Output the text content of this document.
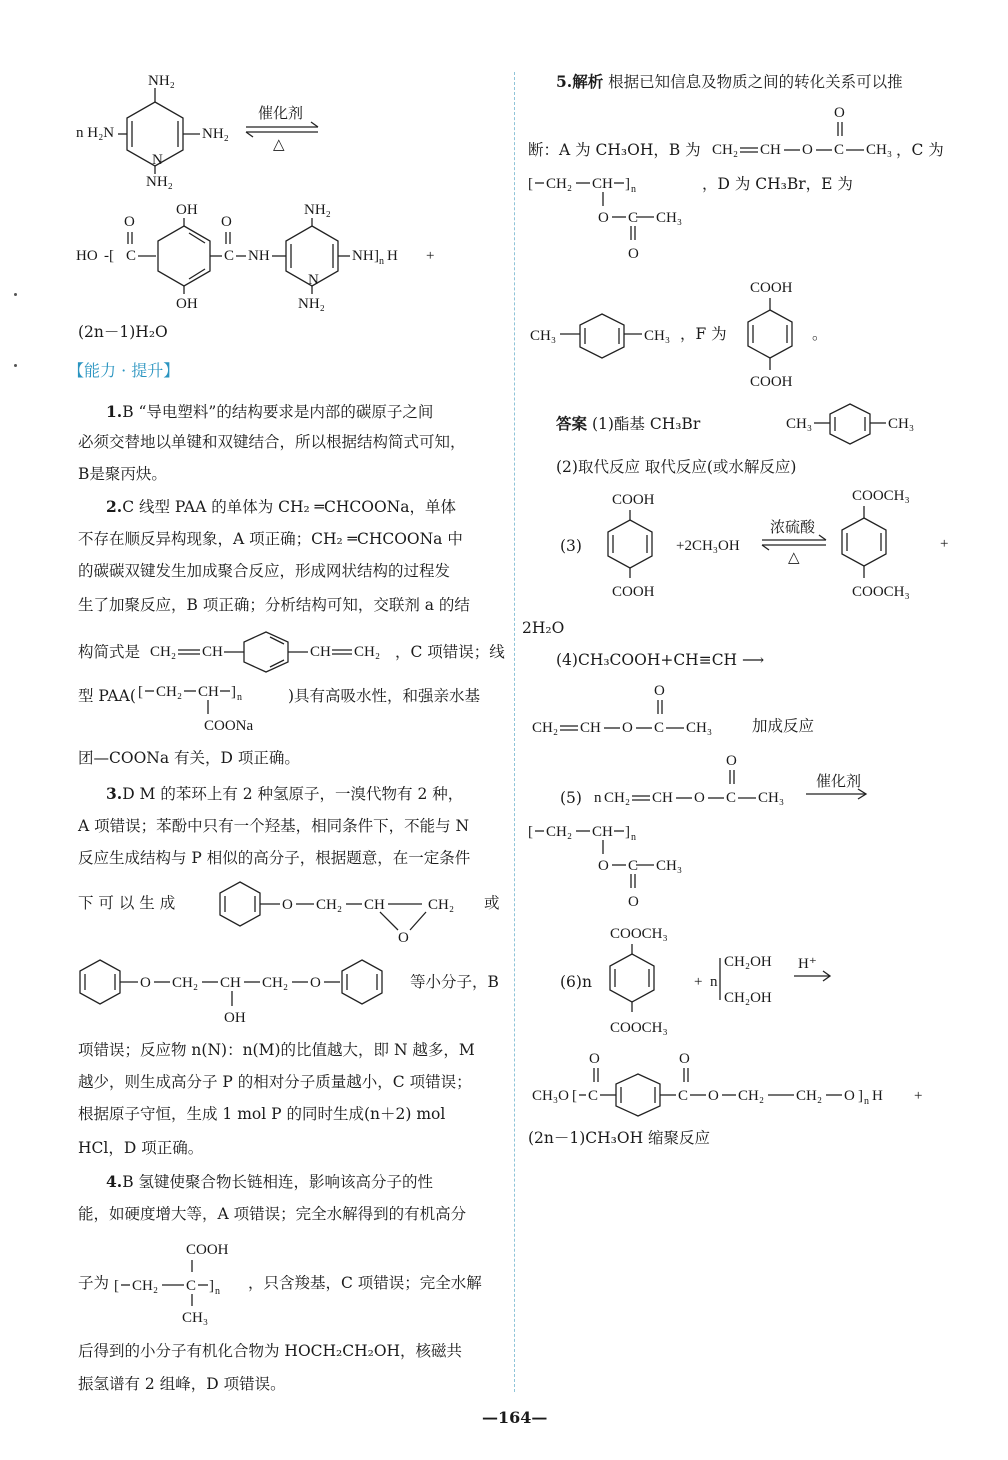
n H₂N
NH₂
NH₂
N
NH₂
催化剂
△
HO -[ C
O
OH
OH
C
O
NH
NH₂
N
NH₂
NH ] n H +
(2n－1)H₂O
【能力 · 提升】
1.B “导电塑料”的结构要求是内部的碳原子之间
必须交替地以单键和双键结合，所以根据结构简式可知，
B是聚丙炔。
2.C 线型 PAA 的单体为 CH₂ ═CHCOONa，单体
不存在顺反异构现象，A 项正确；CH₂ ═CHCOONa 中
的碳碳双键发生加成聚合反应，形成网状结构的过程发
生了加聚反应，B 项正确；分析结构可知，交联剂 a 的结
构简式是 CH₂ CH	CH CH₂ ，C 项错误；线
型 PAA( [ CH₂ CH ] n
COONa
)具有高吸水性，和强亲水基
团—COONa 有关，D 项正确。
3.D M 的苯环上有 2 种氢原子，一溴代物有 2 种，
A 项错误；苯酚中只有一个羟基，相同条件下，不能与 N
反应生成结构与 P 相似的高分子，根据题意，在一定条件
下 可 以 生 成	O CH₂ CH	CH₂
O
或
O CH₂ CH CH₂ O
OH
等小分子，B
项错误；反应物 n(N)：n(M)的比值越大，即 N 越多，M
越少，则生成高分子 P 的相对分子质量越小，C 项错误；
根据原子守恒，生成 1 mol P 的同时生成(n＋2) mol
HCl，D 项正确。
4.B 氢键使聚合物长链相连，影响该高分子的性
能，如硬度增大等，A 项错误；完全水解得到的有机高分
子为
COOH
[ CH₂ C ] n
CH₃
，只含羧基，C 项错误；完全水解
后得到的小分子有机化合物为 HOCH₂CH₂OH，核磁共
振氢谱有 2 组峰，D 项错误。
5.解析 根据已知信息及物质之间的转化关系可以推
断：A 为 CH₃OH，B 为 CH₂ CH O C
O
CH₃ ，C 为
[ CH₂ CH ] n
O C CH₃
O
，D 为 CH₃Br，E 为
CH₃	CH₃ ，F 为
COOH
COOH
。
答案 (1)酯基 CH₃Br	CH₃	CH₃
(2)取代反应 取代反应(或水解反应)
(3)
COOH
COOH
+2CH₃OH
浓硫酸
△
COOCH₃
COOCH₃
+
2H₂O
(4)CH₃COOH+CH≡CH ⟶
CH₂ CH O C
O
CH₃	加成反应
(5) n CH₂ CH O C
O
CH₃
催化剂
[ CH₂ CH ] n
O C CH₃
O
(6)n
COOCH₃
COOCH₃
+ n
CH₂OH
CH₂OH
H⁺
CH₃O [ C
O
C
O
O CH₂ CH₂ O ] n H +
(2n－1)CH₃OH 缩聚反应
—164—
